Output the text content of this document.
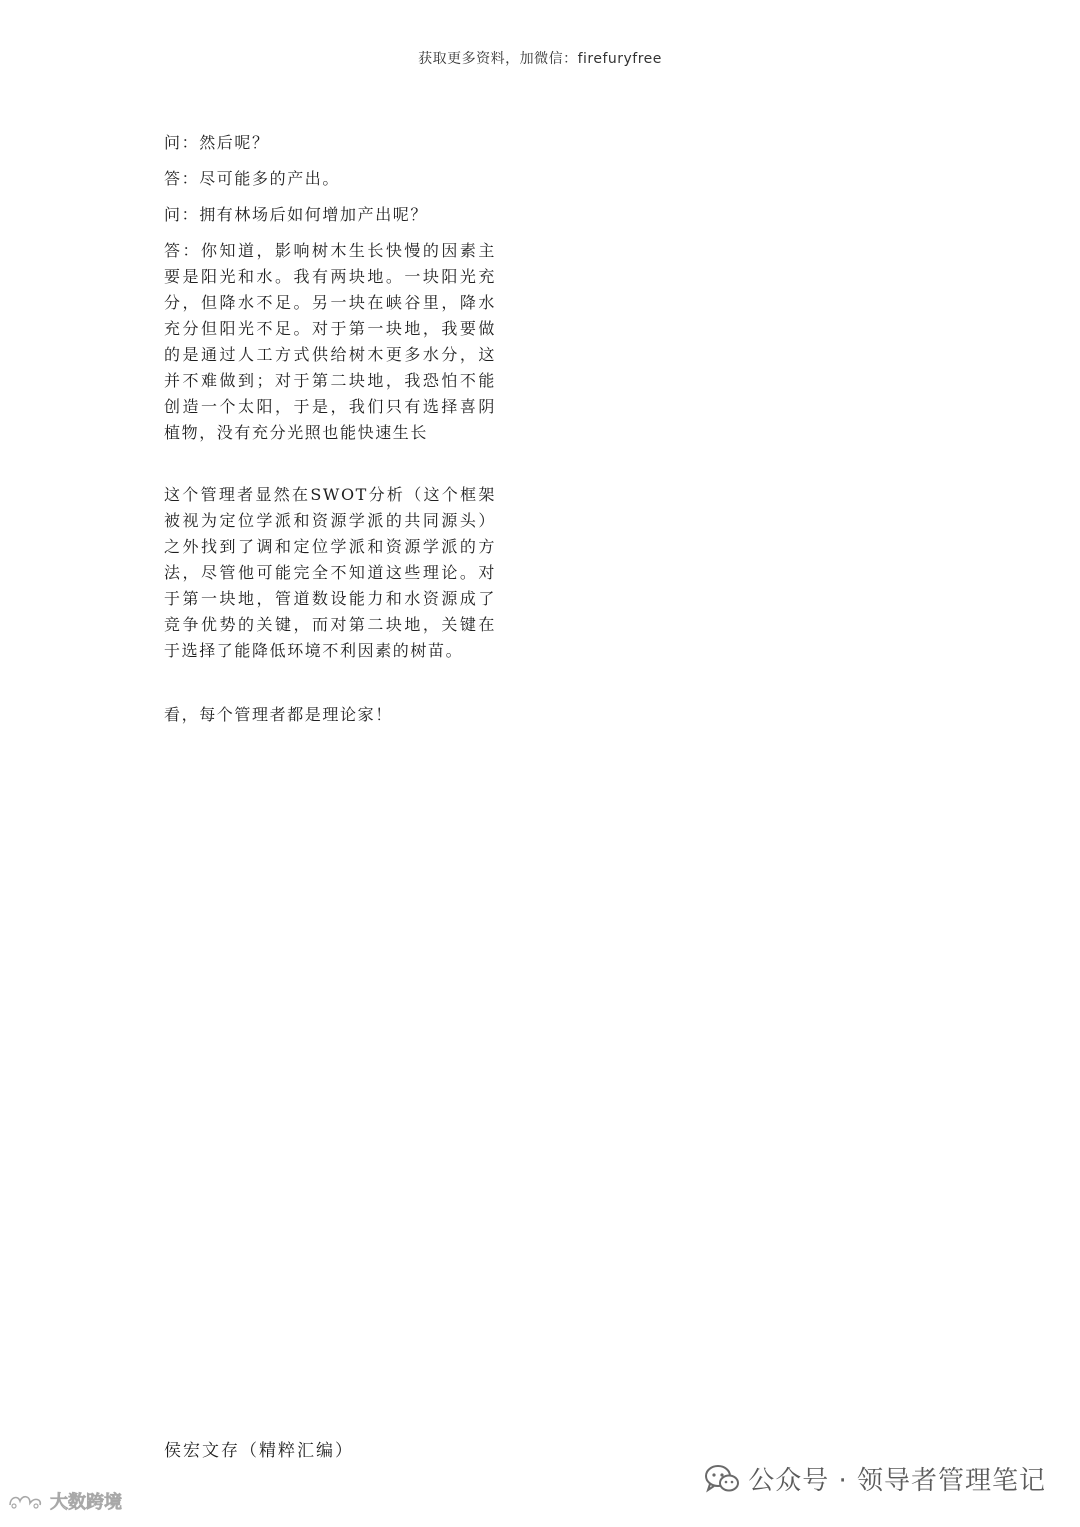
获取更多资料，加微信：firefuryfree

问：然后呢？

答：尽可能多的产出。

问：拥有林场后如何增加产出呢？

答：你知道，影响树木生长快慢的因素主要是阳光和水。我有两块地。一块阳光充分，但降水不足。另一块在峡谷里，降水充分但阳光不足。对于第一块地，我要做的是通过人工方式供给树木更多水分，这并不难做到；对于第二块地，我恐怕不能创造一个太阳，于是，我们只有选择喜阴植物，没有充分光照也能快速生长

这个管理者显然在SWOT分析（这个框架被视为定位学派和资源学派的共同源头）之外找到了调和定位学派和资源学派的方法，尽管他可能完全不知道这些理论。对于第一块地，管道数设能力和水资源成了竞争优势的关键，而对第二块地，关键在于选择了能降低环境不利因素的树苗。

看，每个管理者都是理论家！

侯宏文存（精粹汇编）
大数跨境
公众号 · 领导者管理笔记
